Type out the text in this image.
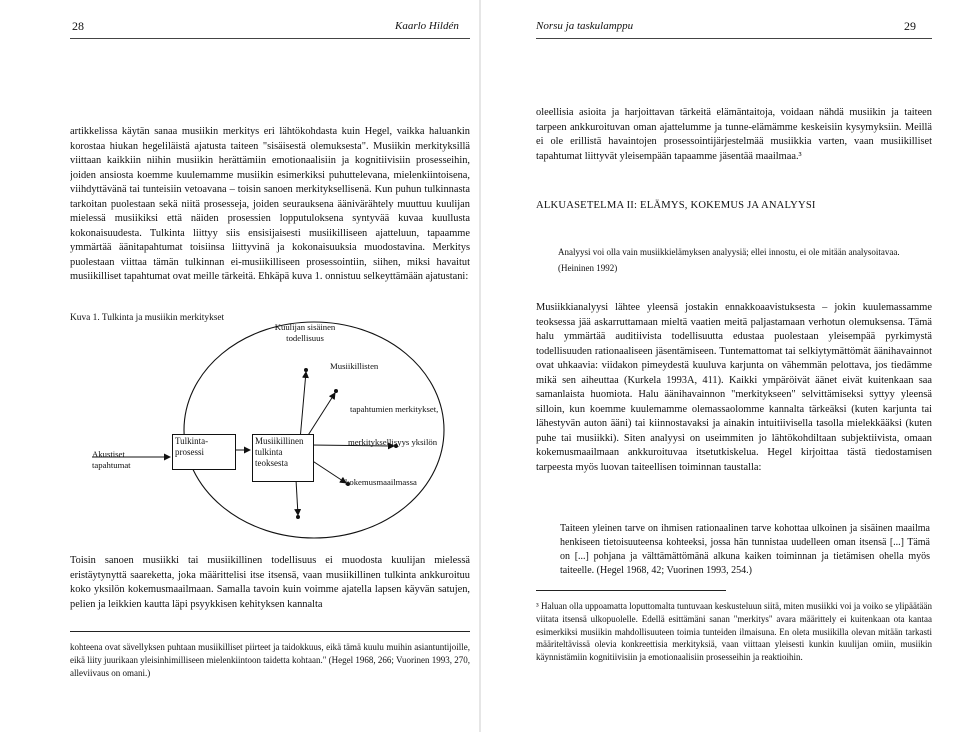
28	Kaarlo Hildén
artikkelissa käytän sanaa musiikin merkitys eri lähtökohdasta kuin Hegel, vaikka haluankin korostaa hiukan hegeliläistä ajatusta taiteen "sisäisestä olemuksesta". Musiikin merkityksillä viittaan kaikkiin niihin musiikin herättämiin emotionaalisiin ja kognitiivisiin prosesseihin, joiden ansiosta koemme kuulemamme musiikin esimerkiksi puhuttelevana, mielenkiintoisena, viihdyttävänä tai tunteisiin vetoavana – toisin sanoen merkityksellisenä. Kun puhun tulkinnasta tarkoitan puolestaan sekä niitä prosesseja, joiden seurauksena äänivärähtely muuttuu kuulijan mielessä musiikiksi että näiden prosessien lopputuloksena syntyvää kuvaa kuullusta kokonaisuudesta. Tulkinta liittyy siis ensisijaisesti musiikilliseen ajatteluun, tapaamme ymmärtää äänitapahtumat toisiinsa liittyvinä ja kokonaisuuksia muodostavina. Merkitys puolestaan viittaa tämän tulkinnan ei-musiikilliseen prosessointiin, siihen, miksi havaitut musiikilliset tapahtumat ovat meille tärkeitä. Ehkäpä kuva 1. onnistuu selkeyttämään ajatustani:
Kuva 1. Tulkinta ja musiikin merkitykset
Kuulijan sisäinen todellisuus
Musiikillisten
tapahtumien merkitykset,
merkityksellisyys yksilön
kokemusmaailmassa
Akustiset tapahtumat
Tulkinta-prosessi
Musiikillinen tulkinta teoksesta
Toisin sanoen musiikki tai musiikillinen todellisuus ei muodosta kuulijan mielessä eristäytynyttä saareketta, joka määrittelisi itse itsensä, vaan musiikillinen tulkinta ankkuroituu koko yksilön kokemusmaailmaan. Samalla tavoin kuin voimme ajatella lapsen käyvän satujen, pelien ja leikkien kautta läpi psyykkisen kehityksen kannalta
kohteena ovat sävellyksen puhtaan musiikilliset piirteet ja taidokkuus, eikä tämä kuulu muihin asiantuntijoille, eikä liity juurikaan yleisinhimilliseen mielenkiintoon taidetta kohtaan." (Hegel 1968, 266; Vuorinen 1993, 270, alleviivaus on omani.)
Norsu ja taskulamppu	29
oleellisia asioita ja harjoittavan tärkeitä elämäntaitoja, voidaan nähdä musiikin ja taiteen tarpeen ankkuroituvan oman ajattelumme ja tunne-elämämme keskeisiin kysymyksiin. Meillä ei ole erillistä havaintojen prosessointijärjestelmää musiikkia varten, vaan musiikilliset tapahtumat liittyvät yleisempään tapaamme jäsentää maailmaa.³
ALKUASETELMA II: ELÄMYS, KOKEMUS JA ANALYYSI
Analyysi voi olla vain musiikkielämyksen analyysiä; ellei innostu, ei ole mitään analysoitavaa.
(Heininen 1992)
Musiikkianalyysi lähtee yleensä jostakin ennakkoaavistuksesta – jokin kuulemassamme teoksessa jää askarruttamaan mieltä vaatien meitä paljastamaan verhotun olemuksensa. Tämä halu ymmärtää auditiivista todellisuutta edustaa puolestaan yleisempää pyrkimystä todellisuuden rationaaliseen jäsentämiseen. Tuntemattomat tai selkiytymättömät äänihavainnot ovat uhkaavia: viidakon pimeydestä kuuluva karjunta on vähemmän pelottava, jos tiedämme mikä sen aiheuttaa (Kurkela 1993A, 411). Kaikki ympäröivät äänet eivät kuitenkaan saa samanlaista huomiota. Halu äänihavainnon "merkitykseen" selvittämiseksi syttyy yleensä silloin, kun koemme kuulemamme olemassaolomme kannalta tärkeäksi (kuten karjunta tai lähestyvän auton ääni) tai kiinnostavaksi ja ainakin intuitiivisella tasolla mielekkääksi (kuten puhe tai musiikki). Siten analyysi on useimmiten jo lähtökohdiltaan subjektiivista, omaan kokemusmaailmaan ankkuroituvaa itsetutkiskelua. Hegel kirjoittaa tästä tiedostamisen tarpeesta myös luovan taiteellisen toiminnan taustalla:
Taiteen yleinen tarve on ihmisen rationaalinen tarve kohottaa ulkoinen ja sisäinen maailma henkiseen tietoisuuteensa kohteeksi, jossa hän tunnistaa uudelleen oman itsensä [...] Tämä on [...] pohjana ja välttämättömänä alkuna kaiken toiminnan ja tietämisen ohella myös taiteelle. (Hegel 1968, 42; Vuorinen 1993, 254.)
³ Haluan olla uppoamatta loputtomalta tuntuvaan keskusteluun siitä, miten musiikki voi ja voiko se ylipäätään viitata itsensä ulkopuolelle. Edellä esittämäni sanan "merkitys" avara määrittely ei kuitenkaan ota kantaa esimerkiksi musiikin mahdollisuuteen toimia tunteiden ilmaisuna. En oleta musiikilla olevan mitään tarkasti määriteltävissä olevia konkreettisia merkityksiä, vaan viittaan yleisesti kunkin kuulijan omiin, musiikin käynnistämiin kognitiivisiin ja emotionaalisiin prosesseihin ja reaktioihin.
